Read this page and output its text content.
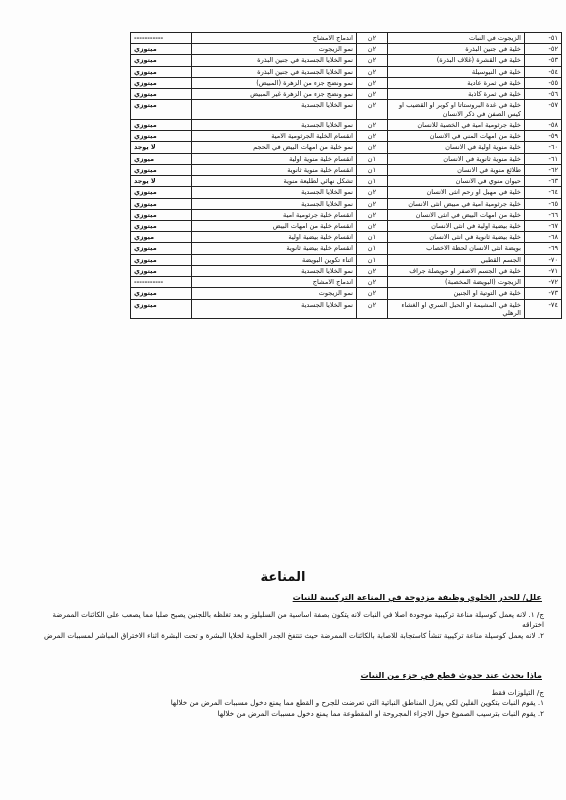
٥١-	الزيجوت في النبات	٢ن	اندماج الامشاج	-----------
٥٢-	خلية في جنين البذرة	٢ن	نمو الزيجوت	ميتوزي
٥٣-	خلية في القشرة (غلاف البذرة)	٢ن	نمو الخلايا الجسدية في جنين البذرة	ميتوزي
٥٤-	خلية في النيوسيلة	٢ن	نمو الخلايا الجسدية في جنين البذرة	ميتوزي
٥٥-	خلية في ثمرة عادية	٢ن	نمو ونضج جزء من الزهرة (المبيض)	ميتوزي
٥٦-	خلية في ثمرة كاذبة	٢ن	نمو ونضج جزء من الزهرة غير المبيض	ميتوزي
٥٧-	خلية في غدة البروستاتا او كوبر او القضيب او كيس الصفن في ذكر الانسان	٢ن	نمو الخلايا الجسدية	ميتوزي
٥٨-	خلية جرثومية امية في الخصية للانسان	٢ن	نمو الخلايا الجسدية	ميتوزي
٥٩-	خلية من امهات المني في الانسان	٢ن	انقسام الخلية الجرثومية الامية	ميتوزي
٦٠-	خلية منوية اولية في الانسان	٢ن	نمو خلية من امهات البيض في الحجم	لا يوجد
٦١-	خلية منوية ثانوية في الانسان	١ن	انقسام خلية منوية اولية	ميوزي
٦٢-	طلائع منوية في الانسان	١ن	انقسام خلية منوية ثانوية	ميتوزي
٦٣-	حيوان منوي في الانسان	١ن	تشكل نهائي لطليعة منوية	لا يوجد
٦٤-	خلية في مهبل او رحم انثى الانسان	٢ن	نمو الخلايا الجسدية	ميتوزي
٦٥-	خلية جرثومية امية في مبيض انثى الانسان	٢ن	نمو الخلايا الجسدية	ميتوزي
٦٦-	خلية من امهات البيض في انثى الانسان	٢ن	انقسام خلية جرثومية امية	ميتوزي
٦٧-	خلية بيضية اولية في انثى الانسان	٢ن	انقسام خلية من امهات البيض	ميتوزي
٦٨-	خلية بيضية ثانوية في انثى الانسان	١ن	انقسام خلية بيضية اولية	ميوزي
٦٩-	بويضة انثى الانسان لحظة الاخصاب	١ن	انقسام خلية بيضية ثانوية	ميتوزي
٧٠-	الجسم القطبي	١ن	اثناء تكوين البويضة	ميتوزي
٧١-	خلية في الجسم الاصفر او حويصلة جراف	٢ن	نمو الخلايا الجسدية	ميتوزي
٧٢-	الزيجوت (البويضة المخصبة)	٢ن	اندماج الامشاج	-----------
٧٣-	خلية في التوتية او الجنين	٢ن	نمو الزيجوت	ميتوزي
٧٤-	خلية في المشيمة او الحبل السري او الغشاء الرهلي	٢ن	نمو الخلايا الجسدية	ميتوزي
المناعة
علل/ للجدر الخلوي وظيفة مزدوجة في المناعة التركيبية للنبات

ج/ ١. لانه يعمل كوسيلة مناعة تركيبية موجودة اصلا في النبات لانه يتكون بصفة اساسية من السليلوز و بعد تغلظه باللجنين يصبح صلبا مما يصعب على الكائنات الممرضة اختراقه

٢. لانه يعمل كوسيلة مناعة تركيبية تنشأ كاستجابة للاصابة بالكائنات الممرضة حيث تنتفخ الجدر الخلوية لخلايا البشرة و تحت البشرة اثناء الاختراق المباشر لمسببات المرض

ماذا يحدث عند حدوث قطع في جزء من النبات

ج/ التيلوزات فقط

١. يقوم النبات بتكوين الفلين لكي يعزل المناطق النباتية التي تعرضت للجرح و القطع مما يمنع دخول مسببات المرض من خلالها

٢. يقوم النبات بترسيب الصموغ حول الاجزاء المجروحة او المقطوعة مما يمنع دخول مسببات المرض من خلالها
